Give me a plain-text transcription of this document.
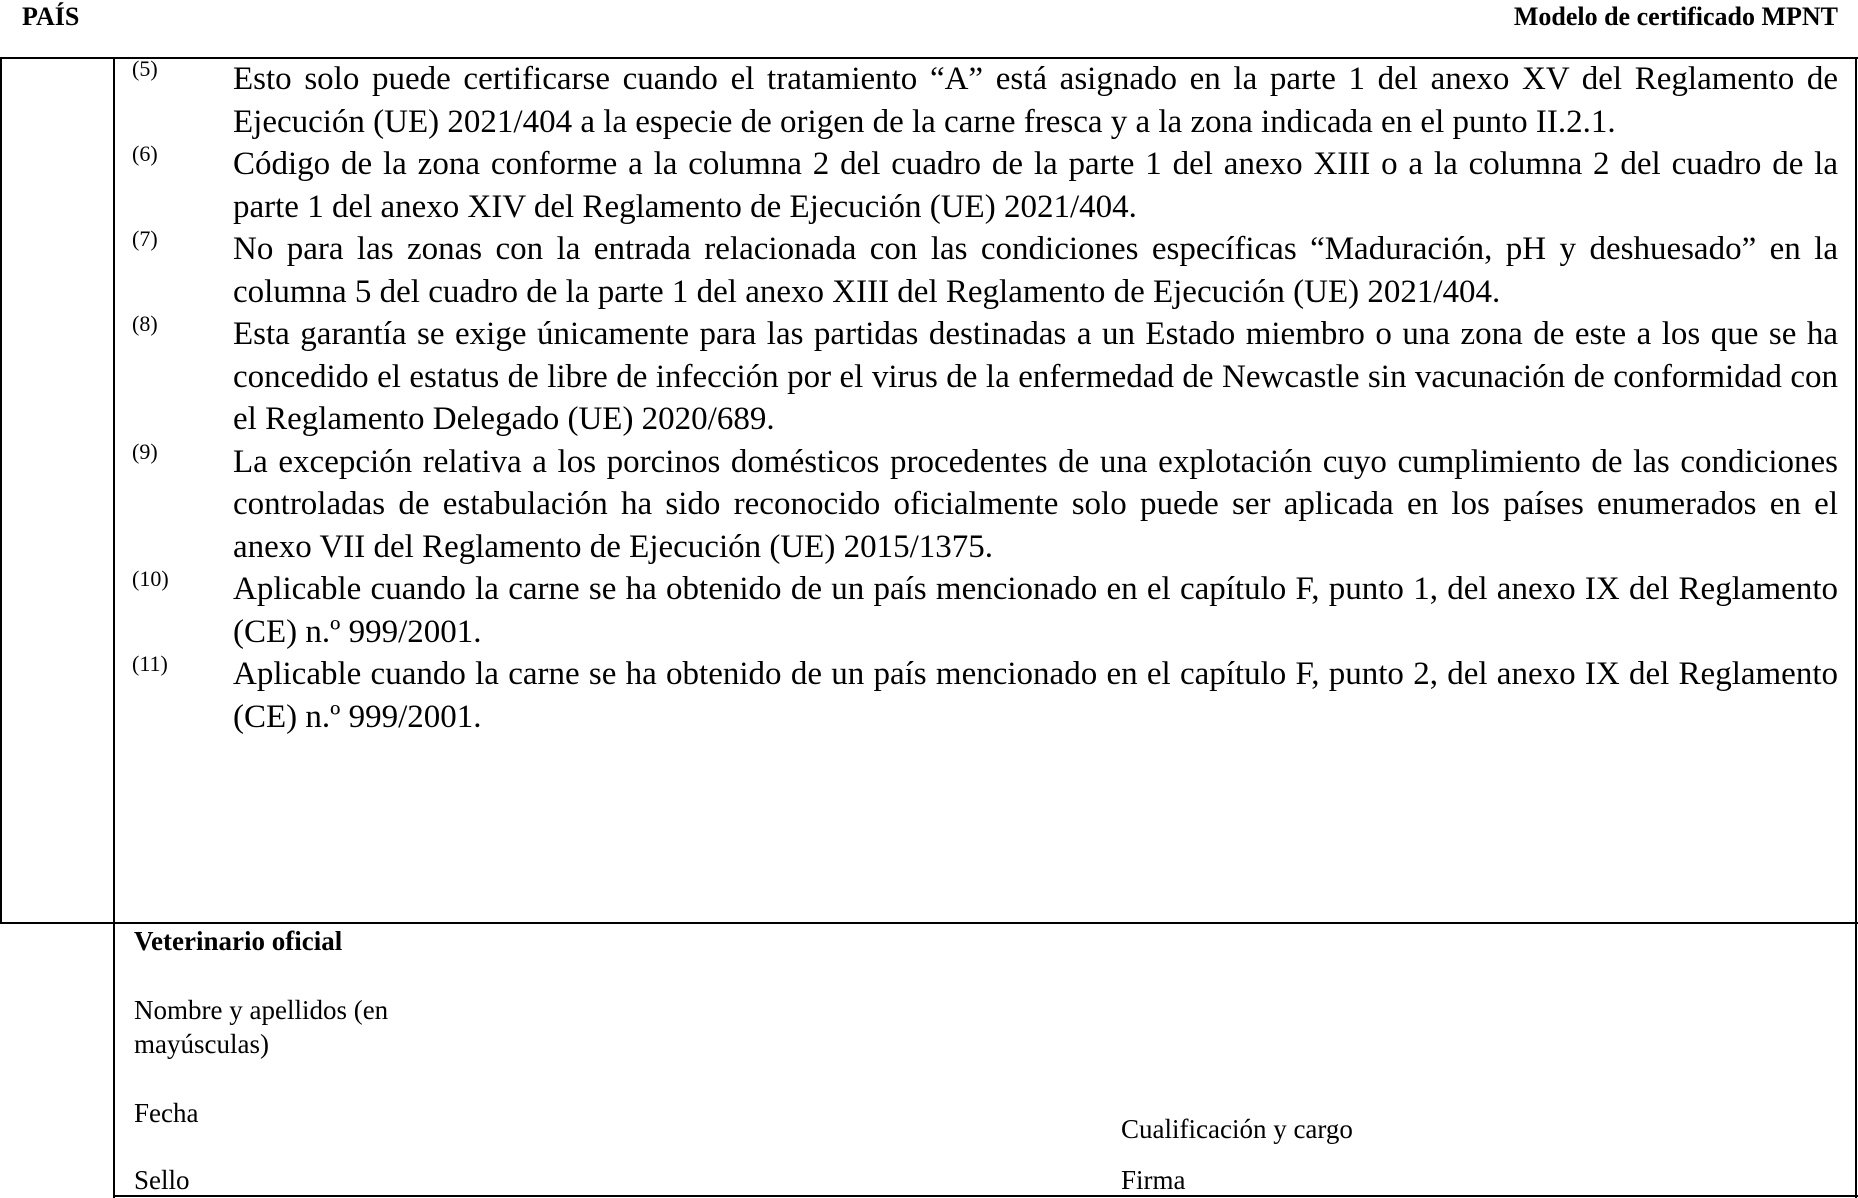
PAÍS	Modelo de certificado MPNT
(5) Esto solo puede certificarse cuando el tratamiento “A” está asignado en la parte 1 del anexo XV del Reglamento de Ejecución (UE) 2021/404 a la especie de origen de la carne fresca y a la zona indicada en el punto II.2.1.
(6) Código de la zona conforme a la columna 2 del cuadro de la parte 1 del anexo XIII o a la columna 2 del cuadro de la parte 1 del anexo XIV del Reglamento de Ejecución (UE) 2021/404.
(7) No para las zonas con la entrada relacionada con las condiciones específicas “Maduración, pH y deshuesado” en la columna 5 del cuadro de la parte 1 del anexo XIII del Reglamento de Ejecución (UE) 2021/404.
(8) Esta garantía se exige únicamente para las partidas destinadas a un Estado miembro o una zona de este a los que se ha concedido el estatus de libre de infección por el virus de la enfermedad de Newcastle sin vacunación de conformidad con el Reglamento Delegado (UE) 2020/689.
(9) La excepción relativa a los porcinos domésticos procedentes de una explotación cuyo cumplimiento de las condiciones controladas de estabulación ha sido reconocido oficialmente solo puede ser aplicada en los países enumerados en el anexo VII del Reglamento de Ejecución (UE) 2015/1375.
(10) Aplicable cuando la carne se ha obtenido de un país mencionado en el capítulo F, punto 1, del anexo IX del Reglamento (CE) n.º 999/2001.
(11) Aplicable cuando la carne se ha obtenido de un país mencionado en el capítulo F, punto 2, del anexo IX del Reglamento (CE) n.º 999/2001.
Veterinario oficial
Nombre y apellidos (en mayúsculas)
Fecha
Sello
Cualificación y cargo
Firma
